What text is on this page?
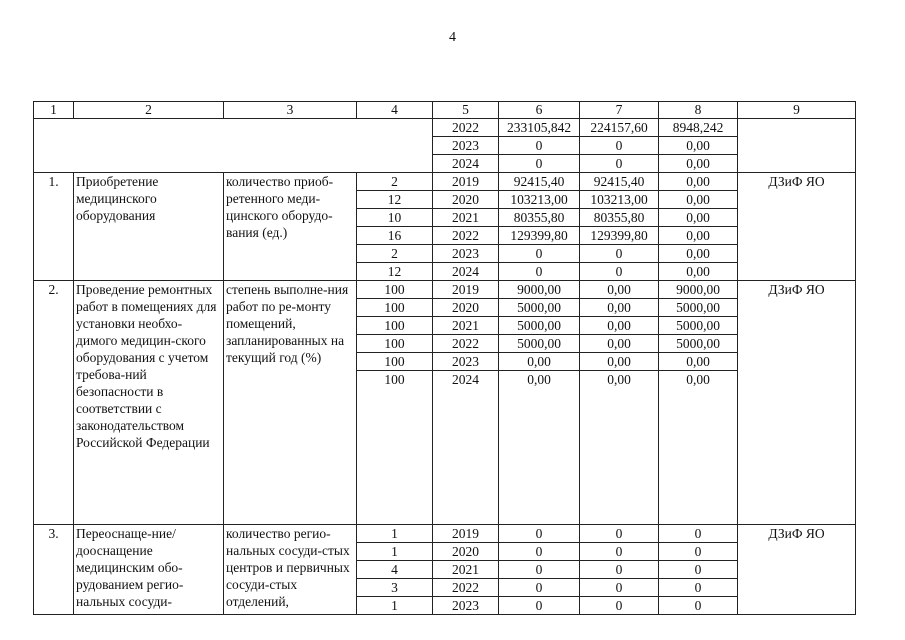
4
1	2	3	4	5	6	7	8	9
				2022	233105,842	224157,60	8948,242	
				2023	0	0	0,00	
				2024	0	0	0,00	
1.	Приобретение медицинского оборудования	количество приоб-ретенного меди-цинского оборудо-вания (ед.)	2	2019	92415,40	92415,40	0,00	ДЗиФ ЯО
			12	2020	103213,00	103213,00	0,00	
			10	2021	80355,80	80355,80	0,00	
			16	2022	129399,80	129399,80	0,00	
			2	2023	0	0	0,00	
			12	2024	0	0	0,00	
2.	Проведение ремонтных работ в помещениях для установки необхо-димого медицин-ского оборудования с учетом требова-ний безопасности в соответствии с законодательством Российской Федерации	степень выполне-ния работ по ре-монту помещений, запланированных на текущий год (%)	100	2019	9000,00	0,00	9000,00	ДЗиФ ЯО
			100	2020	5000,00	0,00	5000,00	
			100	2021	5000,00	0,00	5000,00	
			100	2022	5000,00	0,00	5000,00	
			100	2023	0,00	0,00	0,00	
			100	2024	0,00	0,00	0,00	
3.	Переоснаще-ние/дооснащение медицинским обо-рудованием регио-нальных сосуди-	количество регио-нальных сосуди-стых центров и первичных сосуди-стых отделений,	1	2019	0	0	0	ДЗиФ ЯО
			1	2020	0	0	0	
			4	2021	0	0	0	
			3	2022	0	0	0	
			1	2023	0	0	0	
